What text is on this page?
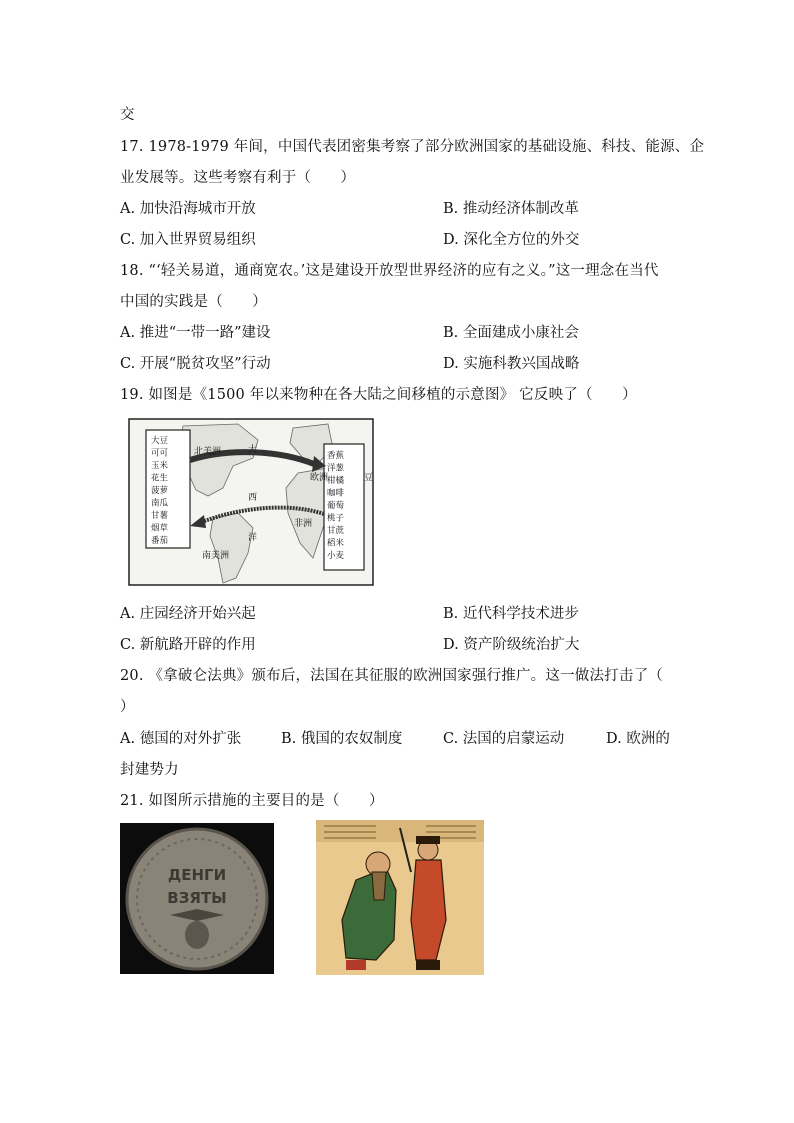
交
17. 1978-1979 年间，中国代表团密集考察了部分欧洲国家的基础设施、科技、能源、企
业发展等。这些考察有利于（　　）
A. 加快沿海城市开放	B. 推动经济体制改革
C. 加入世界贸易组织	D. 深化全方位的外交
18. “‘轻关易道，通商宽农。’这是建设开放型世界经济的应有之义。”这一理念在当代
中国的实践是（　　）
A. 推进“一带一路”建设	B. 全面建成小康社会
C. 开展“脱贫攻坚”行动	D. 实施科教兴国战略
19. 如图是《1500 年以来物种在各大陆之间移植的示意图》 它反映了（　　）
北美洲
南美洲
欧洲
非洲
大
西
洋
豆
大豆
可可
玉米
花生
菠萝
南瓜
甘薯
烟草
番茄
香蕉
洋葱
柑橘
咖啡
葡萄
桃子
甘蔗
稻米
小麦
A. 庄园经济开始兴起	B. 近代科学技术进步
C. 新航路开辟的作用	D. 资产阶级统治扩大
20. 《拿破仑法典》颁布后，法国在其征服的欧洲国家强行推广。这一做法打击了（
）
A. 德国的对外扩张	B. 俄国的农奴制度	C. 法国的启蒙运动	D. 欧洲的
封建势力
21. 如图所示措施的主要目的是（　　）
ДЕНГИ
ВЗЯТЫ
